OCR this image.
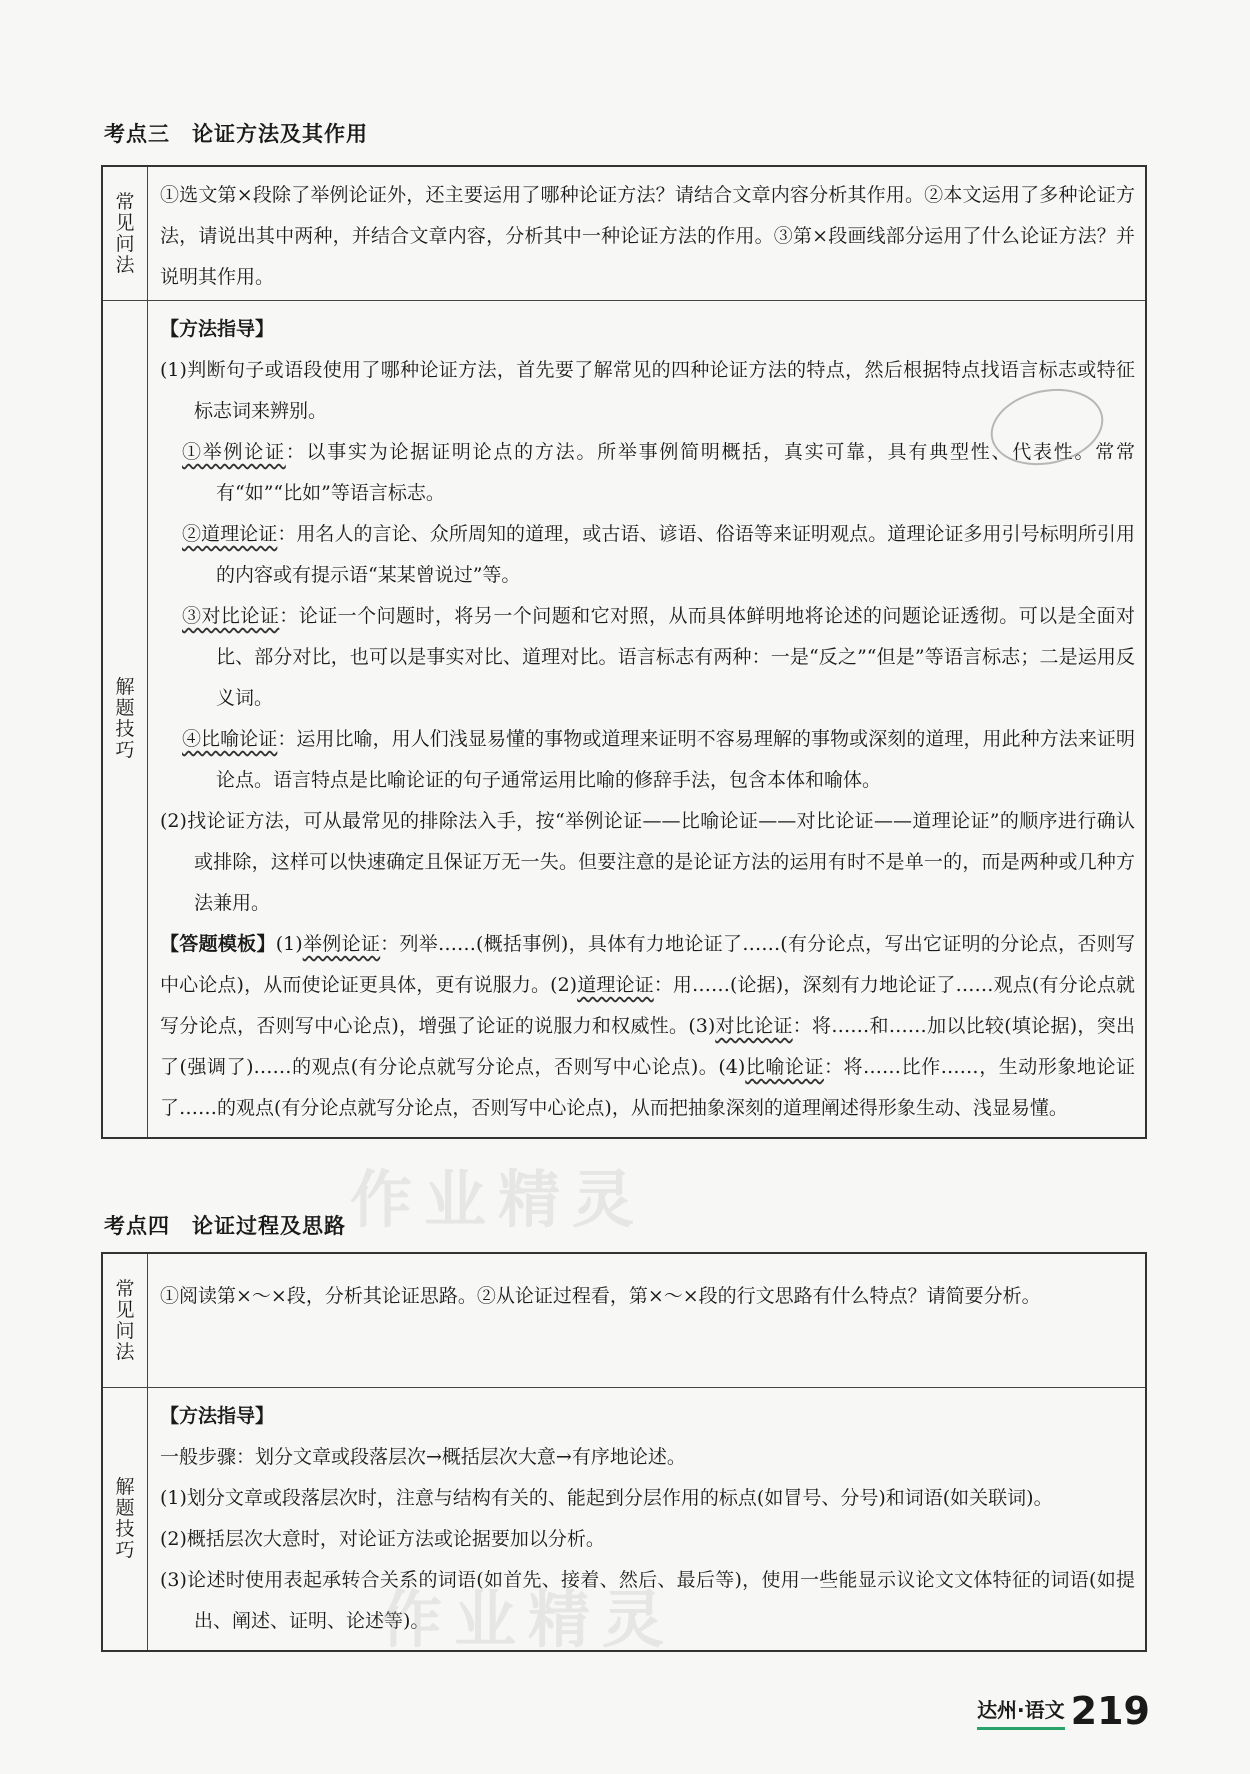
考点三 论证方法及其作用
常见问法

①选文第×段除了举例论证外，还主要运用了哪种论证方法？请结合文章内容分析其作用。②本文运用了多种论证方法，请说出其中两种，并结合文章内容，分析其中一种论证方法的作用。③第×段画线部分运用了什么论证方法？并说明其作用。

解题技巧

【方法指导】

(1)判断句子或语段使用了哪种论证方法，首先要了解常见的四种论证方法的特点，然后根据特点找语言标志或特征标志词来辨别。

①举例论证：以事实为论据证明论点的方法。所举事例简明概括，真实可靠，具有典型性、代表性。常常有“如”“比如”等语言标志。

②道理论证：用名人的言论、众所周知的道理，或古语、谚语、俗语等来证明观点。道理论证多用引号标明所引用的内容或有提示语“某某曾说过”等。

③对比论证：论证一个问题时，将另一个问题和它对照，从而具体鲜明地将论述的问题论证透彻。可以是全面对比、部分对比，也可以是事实对比、道理对比。语言标志有两种：一是“反之”“但是”等语言标志；二是运用反义词。

④比喻论证：运用比喻，用人们浅显易懂的事物或道理来证明不容易理解的事物或深刻的道理，用此种方法来证明论点。语言特点是比喻论证的句子通常运用比喻的修辞手法，包含本体和喻体。

(2)找论证方法，可从最常见的排除法入手，按“举例论证——比喻论证——对比论证——道理论证”的顺序进行确认或排除，这样可以快速确定且保证万无一失。但要注意的是论证方法的运用有时不是单一的，而是两种或几种方法兼用。

【答题模板】(1)举例论证：列举……(概括事例)，具体有力地论证了……(有分论点，写出它证明的分论点，否则写中心论点)，从而使论证更具体，更有说服力。(2)道理论证：用……(论据)，深刻有力地论证了……观点(有分论点就写分论点，否则写中心论点)，增强了论证的说服力和权威性。(3)对比论证：将……和……加以比较(填论据)，突出了(强调了)……的观点(有分论点就写分论点，否则写中心论点)。(4)比喻论证：将……比作……，生动形象地论证了……的观点(有分论点就写分论点，否则写中心论点)，从而把抽象深刻的道理阐述得形象生动、浅显易懂。

考点四 论证过程及思路
常见问法

①阅读第×～×段，分析其论证思路。②从论证过程看，第×～×段的行文思路有什么特点？请简要分析。

解题技巧

【方法指导】

一般步骤：划分文章或段落层次→概括层次大意→有序地论述。

(1)划分文章或段落层次时，注意与结构有关的、能起到分层作用的标点(如冒号、分号)和词语(如关联词)。

(2)概括层次大意时，对论证方法或论据要加以分析。

(3)论述时使用表起承转合关系的词语(如首先、接着、然后、最后等)，使用一些能显示议论文文体特征的词语(如提出、阐述、证明、论述等)。

作业精灵
作业精灵
达州·语文 219
